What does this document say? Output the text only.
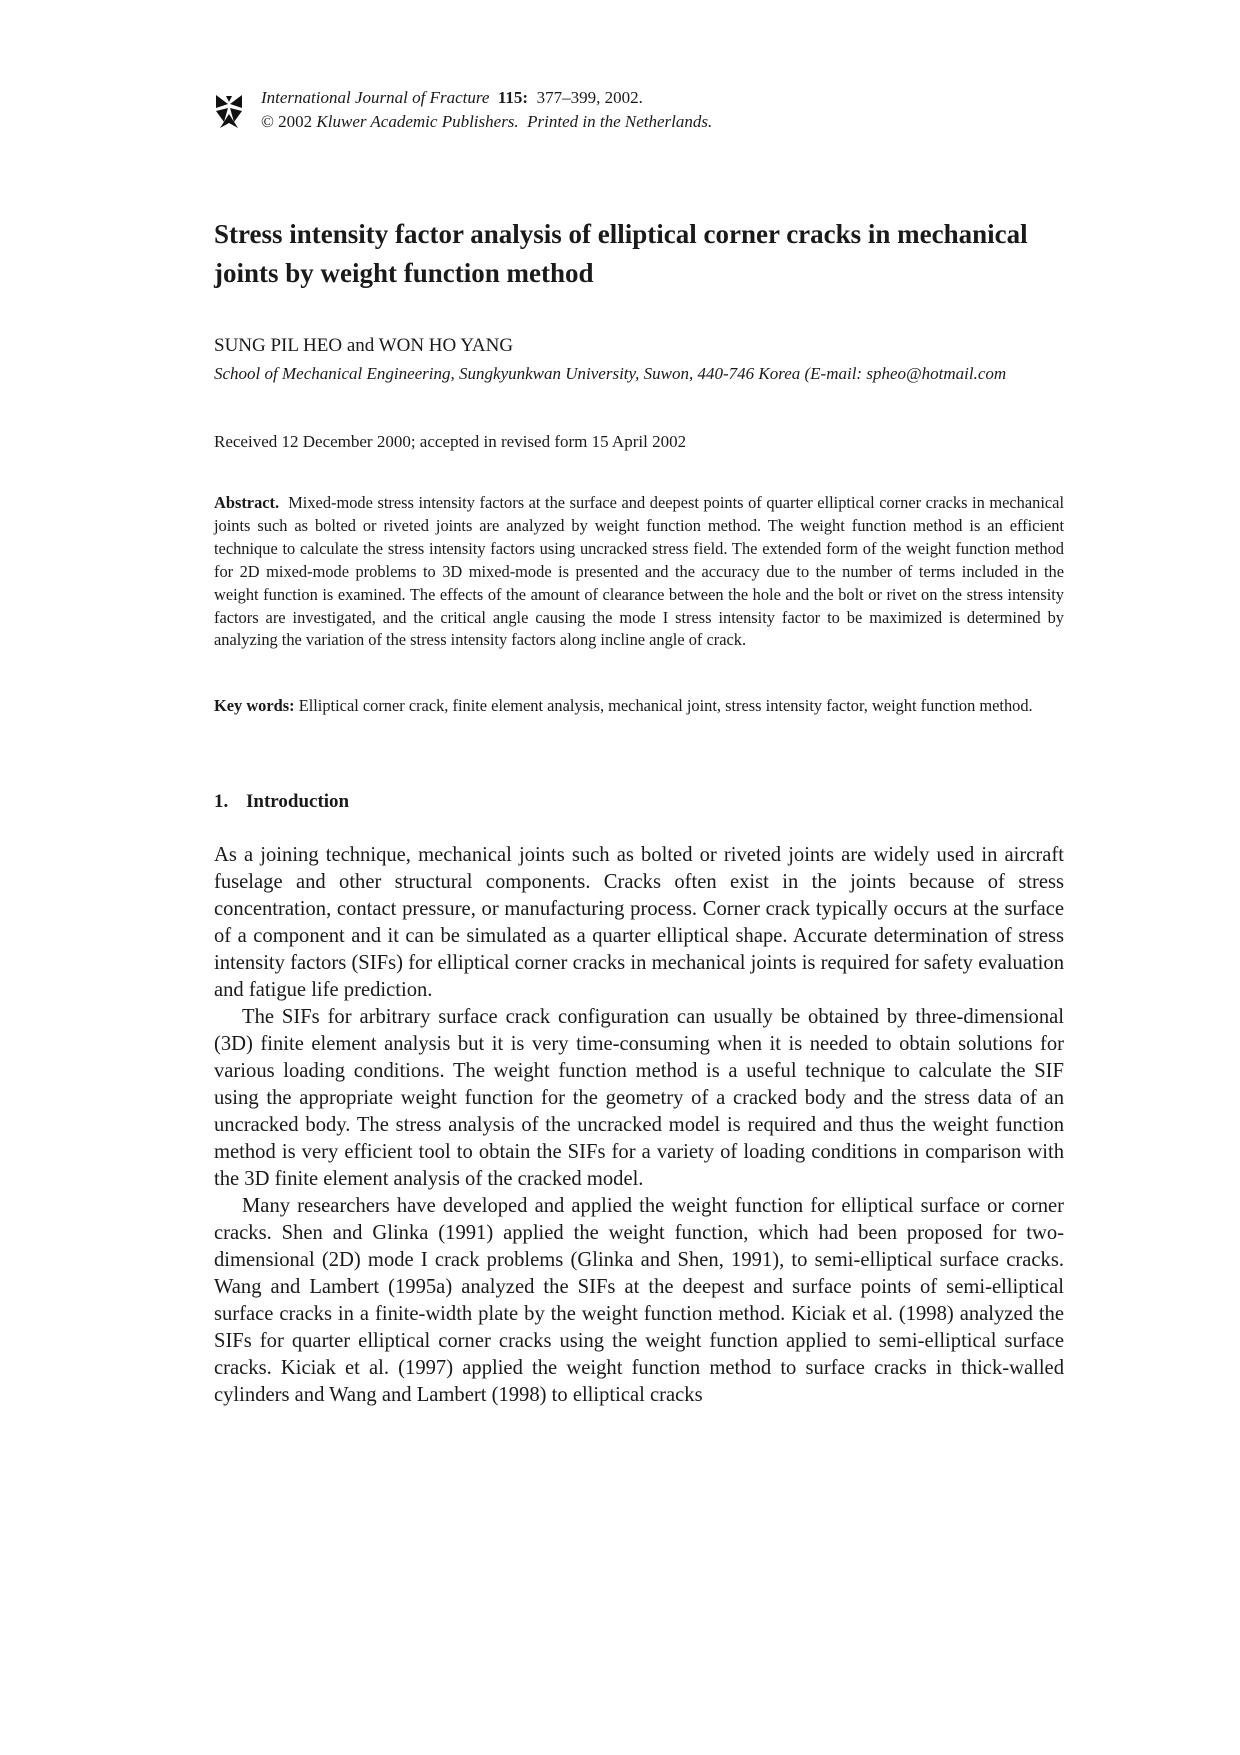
International Journal of Fracture 115: 377–399, 2002.
© 2002 Kluwer Academic Publishers. Printed in the Netherlands.
Stress intensity factor analysis of elliptical corner cracks in mechanical joints by weight function method
SUNG PIL HEO and WON HO YANG
School of Mechanical Engineering, Sungkyunkwan University, Suwon, 440-746 Korea (E-mail: spheo@hotmail.com
Received 12 December 2000; accepted in revised form 15 April 2002

Abstract. Mixed-mode stress intensity factors at the surface and deepest points of quarter elliptical corner cracks in mechanical joints such as bolted or riveted joints are analyzed by weight function method. The weight function method is an efficient technique to calculate the stress intensity factors using uncracked stress field. The extended form of the weight function method for 2D mixed-mode problems to 3D mixed-mode is presented and the accuracy due to the number of terms included in the weight function is examined. The effects of the amount of clearance between the hole and the bolt or rivet on the stress intensity factors are investigated, and the critical angle causing the mode I stress intensity factor to be maximized is determined by analyzing the variation of the stress intensity factors along incline angle of crack.

Key words: Elliptical corner crack, finite element analysis, mechanical joint, stress intensity factor, weight function method.

1. Introduction

As a joining technique, mechanical joints such as bolted or riveted joints are widely used in aircraft fuselage and other structural components. Cracks often exist in the joints because of stress concentration, contact pressure, or manufacturing process. Corner crack typically occurs at the surface of a component and it can be simulated as a quarter elliptical shape. Accurate determination of stress intensity factors (SIFs) for elliptical corner cracks in mechanical joints is required for safety evaluation and fatigue life prediction.

The SIFs for arbitrary surface crack configuration can usually be obtained by three-dimensional (3D) finite element analysis but it is very time-consuming when it is needed to obtain solutions for various loading conditions. The weight function method is a useful technique to calculate the SIF using the appropriate weight function for the geometry of a cracked body and the stress data of an uncracked body. The stress analysis of the uncracked model is required and thus the weight function method is very efficient tool to obtain the SIFs for a variety of loading conditions in comparison with the 3D finite element analysis of the cracked model.

Many researchers have developed and applied the weight function for elliptical surface or corner cracks. Shen and Glinka (1991) applied the weight function, which had been proposed for two-dimensional (2D) mode I crack problems (Glinka and Shen, 1991), to semi-elliptical surface cracks. Wang and Lambert (1995a) analyzed the SIFs at the deepest and surface points of semi-elliptical surface cracks in a finite-width plate by the weight function method. Kiciak et al. (1998) analyzed the SIFs for quarter elliptical corner cracks using the weight function applied to semi-elliptical surface cracks. Kiciak et al. (1997) applied the weight function method to surface cracks in thick-walled cylinders and Wang and Lambert (1998) to elliptical cracks
